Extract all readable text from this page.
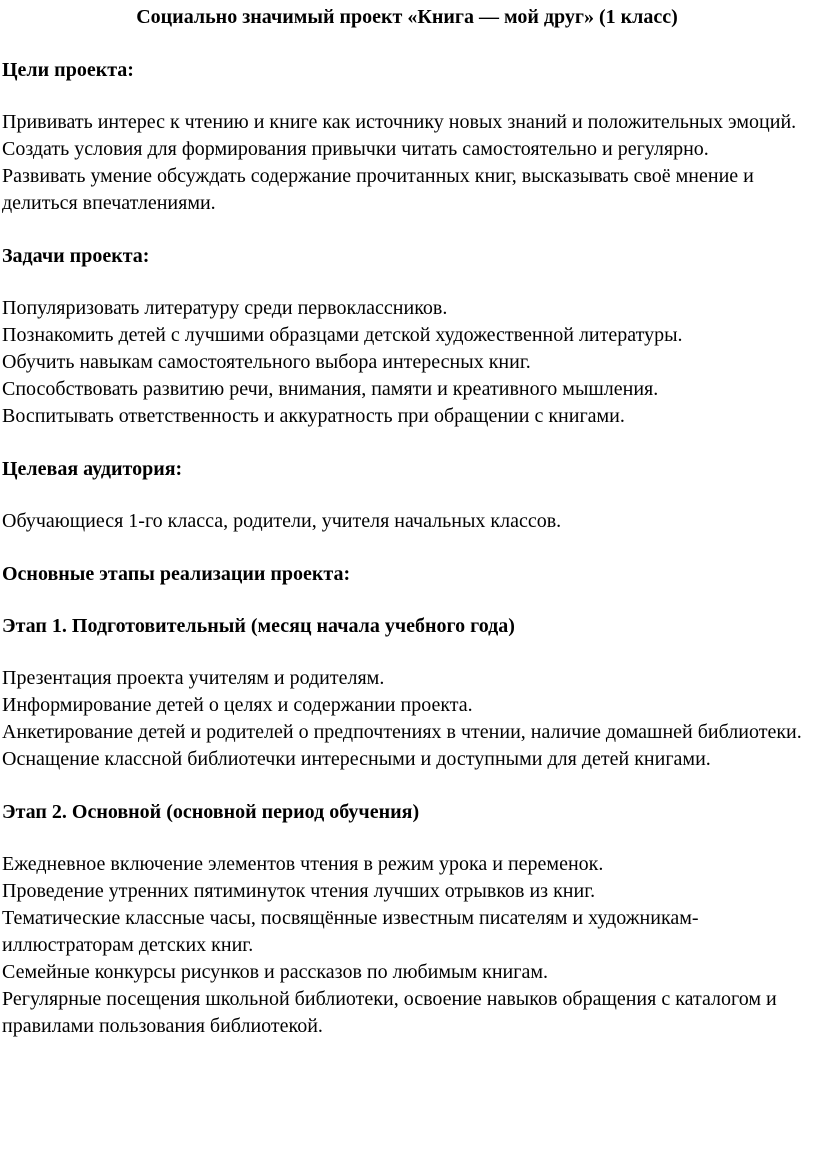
Социально значимый проект «Книга — мой друг» (1 класс)
Цели проекта:

Прививать интерес к чтению и книге как источнику новых знаний и положительных эмоций.

Создать условия для формирования привычки читать самостоятельно и регулярно.

Развивать умение обсуждать содержание прочитанных книг, высказывать своё мнение и делиться впечатлениями.

Задачи проекта:

Популяризовать литературу среди первоклассников.

Познакомить детей с лучшими образцами детской художественной литературы.

Обучить навыкам самостоятельного выбора интересных книг.

Способствовать развитию речи, внимания, памяти и креативного мышления.

Воспитывать ответственность и аккуратность при обращении с книгами.

Целевая аудитория:

Обучающиеся 1-го класса, родители, учителя начальных классов.

Основные этапы реализации проекта:
Этап 1. Подготовительный (месяц начала учебного года)

Презентация проекта учителям и родителям.

Информирование детей о целях и содержании проекта.

Анкетирование детей и родителей о предпочтениях в чтении, наличие домашней библиотеки.

Оснащение классной библиотечки интересными и доступными для детей книгами.

Этап 2. Основной (основной период обучения)

Ежедневное включение элементов чтения в режим урока и переменок.

Проведение утренних пятиминуток чтения лучших отрывков из книг.

Тематические классные часы, посвящённые известным писателям и художникам-иллюстраторам детских книг.

Семейные конкурсы рисунков и рассказов по любимым книгам.

Регулярные посещения школьной библиотеки, освоение навыков обращения с каталогом и правилами пользования библиотекой.
